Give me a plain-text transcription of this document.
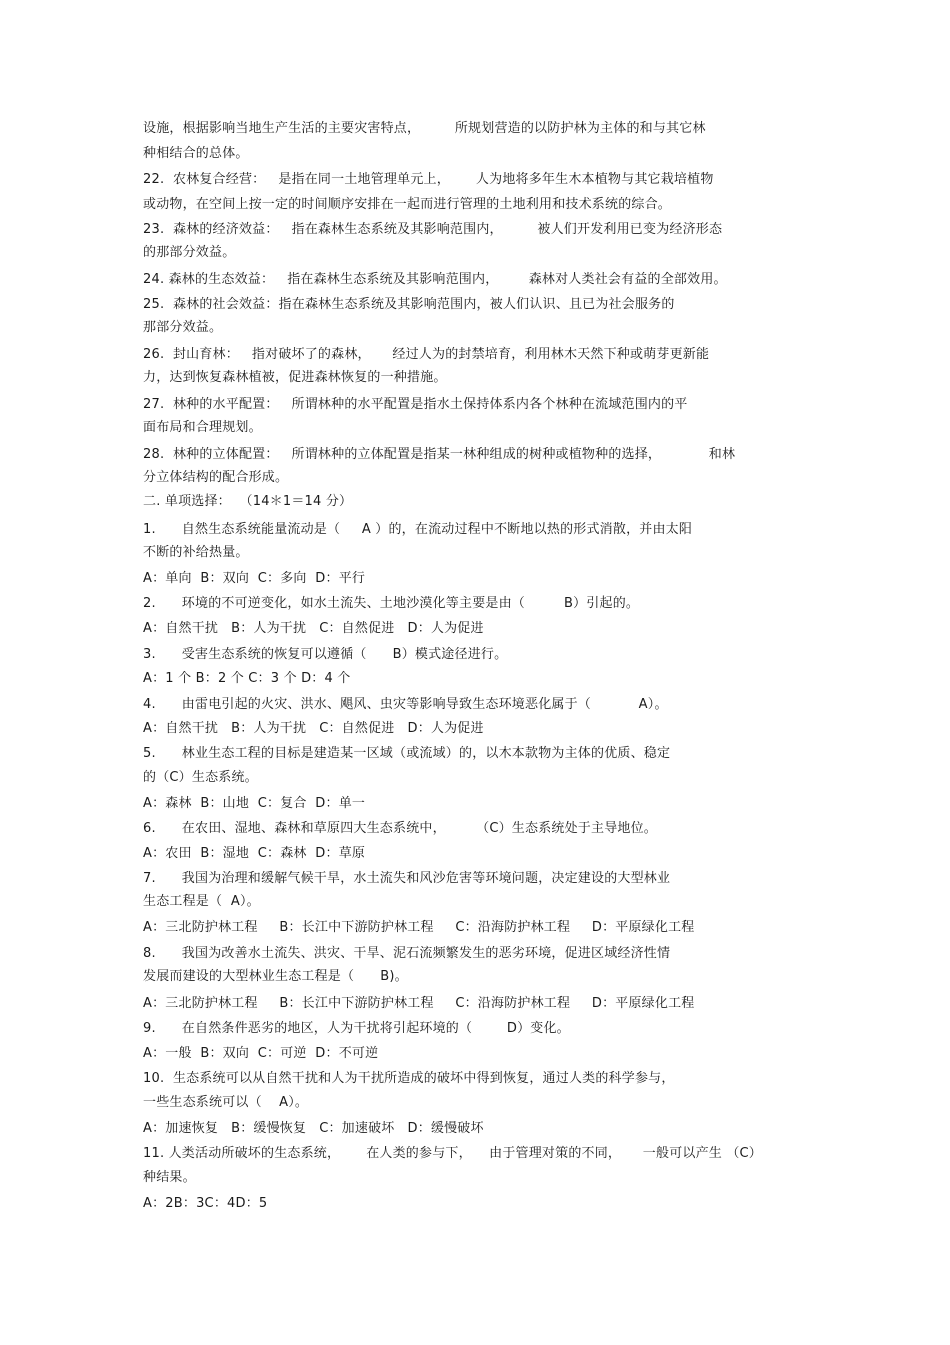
设施，根据影响当地生产生活的主要灾害特点，        所规划营造的以防护林为主体的和与其它林
种相结合的总体。
22.  农林复合经营：   是指在同一土地管理单元上，      人为地将多年生木本植物与其它栽培植物
或动物，在空间上按一定的时间顺序安排在一起而进行管理的土地利用和技术系统的综合。
23.  森林的经济效益：   指在森林生态系统及其影响范围内，        被人们开发利用已变为经济形态
的那部分效益。
24. 森林的生态效益：   指在森林生态系统及其影响范围内，       森林对人类社会有益的全部效用。
25.  森林的社会效益：指在森林生态系统及其影响范围内，被人们认识、且已为社会服务的
那部分效益。
26.  封山育林：   指对破坏了的森林，     经过人为的封禁培育，利用林木天然下种或萌芽更新能
力，达到恢复森林植被，促进森林恢复的一种措施。
27.  林种的水平配置：   所谓林种的水平配置是指水土保持体系内各个林种在流域范围内的平
面布局和合理规划。
28.  林种的立体配置：   所谓林种的立体配置是指某一林种组成的树种或植物种的选择，           和林
分立体结构的配合形成。
二. 单项选择：  （14＊1＝14 分）
1.      自然生态系统能量流动是（     A ）的，在流动过程中不断地以热的形式消散，并由太阳
不断的补给热量。
A：单向  B：双向  C：多向  D：平行
2.      环境的不可逆变化，如水土流失、土地沙漠化等主要是由（         B）引起的。
A：自然干扰   B：人为干扰   C：自然促进   D：人为促进
3.      受害生态系统的恢复可以遵循（      B）模式途径进行。
A：1 个 B：2 个 C：3 个 D：4 个
4.      由雷电引起的火灾、洪水、飓风、虫灾等影响导致生态环境恶化属于（           A）。
A：自然干扰   B：人为干扰   C：自然促进   D：人为促进
5.      林业生态工程的目标是建造某一区域（或流域）的，以木本款物为主体的优质、稳定
的（C）生态系统。
A：森林  B：山地  C：复合  D：单一
6.      在农田、湿地、森林和草原四大生态系统中，       （C）生态系统处于主导地位。
A：农田  B：湿地  C：森林  D：草原
7.      我国为治理和缓解气候干旱，水土流失和风沙危害等环境问题，决定建设的大型林业
生态工程是（  A）。
A：三北防护林工程     B：长江中下游防护林工程     C：沿海防护林工程     D：平原绿化工程
8.      我国为改善水土流失、洪灾、干旱、泥石流频繁发生的恶劣环境，促进区域经济性情
发展而建设的大型林业生态工程是（      B)。
A：三北防护林工程     B：长江中下游防护林工程     C：沿海防护林工程     D：平原绿化工程
9.      在自然条件恶劣的地区，人为干扰将引起环境的（        D）变化。
A：一般  B：双向  C：可逆  D：不可逆
10.  生态系统可以从自然干扰和人为干扰所造成的破坏中得到恢复，通过人类的科学参与，
一些生态系统可以（    A）。
A：加速恢复   B：缓慢恢复   C：加速破坏   D：缓慢破坏
11. 人类活动所破坏的生态系统，      在人类的参与下，    由于管理对策的不同，     一般可以产生 （C）
种结果。
A：2B：3C：4D：5
